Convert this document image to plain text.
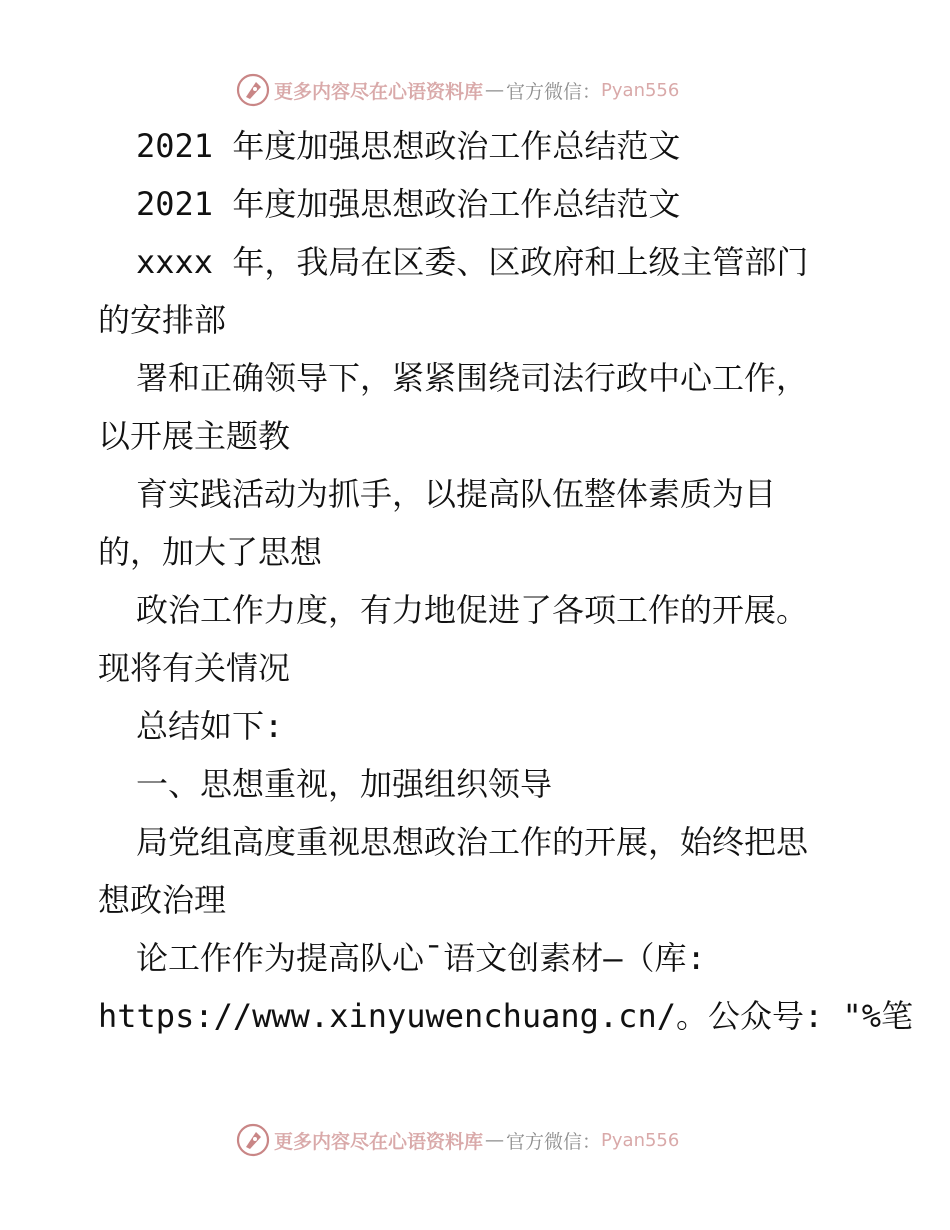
更多内容尽在心语资料库 — 官方微信： Pyan556
2021 年度加强思想政治工作总结范文
2021 年度加强思想政治工作总结范文
xxxx 年，我局在区委、区政府和上级主管部门
的安排部
署和正确领导下，紧紧围绕司法行政中心工作，
以开展主题教
育实践活动为抓手，以提高队伍整体素质为目
的，加大了思想
政治工作力度，有力地促进了各项工作的开展。
现将有关情况
总结如下:
一、思想重视，加强组织领导
局党组高度重视思想政治工作的开展，始终把思
想政治理
论工作作为提高队心¯语文创素材—（库:
https://www.xinyuwenchuang.cn/。公众号: "%笔
更多内容尽在心语资料库 — 官方微信： Pyan556
